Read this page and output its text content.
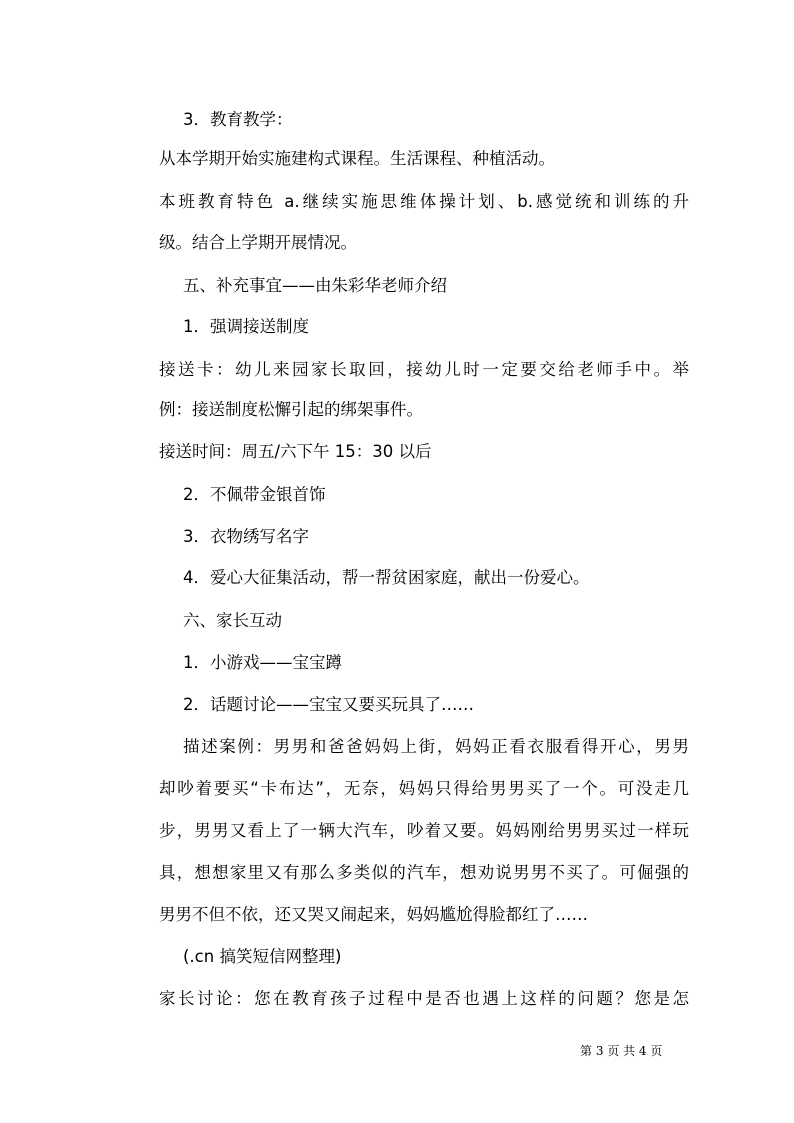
3．教育教学：
从本学期开始实施建构式课程。生活课程、种植活动。
本班教育特色 a.继续实施思维体操计划、b.感觉统和训练的升
级。结合上学期开展情况。
五、补充事宜——由朱彩华老师介绍
1．强调接送制度
接送卡：幼儿来园家长取回，接幼儿时一定要交给老师手中。举
例：接送制度松懈引起的绑架事件。
接送时间：周五/六下午 15：30 以后
2．不佩带金银首饰
3．衣物绣写名字
4．爱心大征集活动，帮一帮贫困家庭，献出一份爱心。
六、家长互动
1．小游戏——宝宝蹲
2．话题讨论——宝宝又要买玩具了……
描述案例：男男和爸爸妈妈上街，妈妈正看衣服看得开心，男男
却吵着要买“卡布达”，无奈，妈妈只得给男男买了一个。可没走几
步，男男又看上了一辆大汽车，吵着又要。妈妈刚给男男买过一样玩
具，想想家里又有那么多类似的汽车，想劝说男男不买了。可倔强的
男男不但不依，还又哭又闹起来，妈妈尴尬得脸都红了……
(.cn 搞笑短信网整理)
家长讨论：您在教育孩子过程中是否也遇上这样的问题？您是怎
第 3 页 共 4 页
